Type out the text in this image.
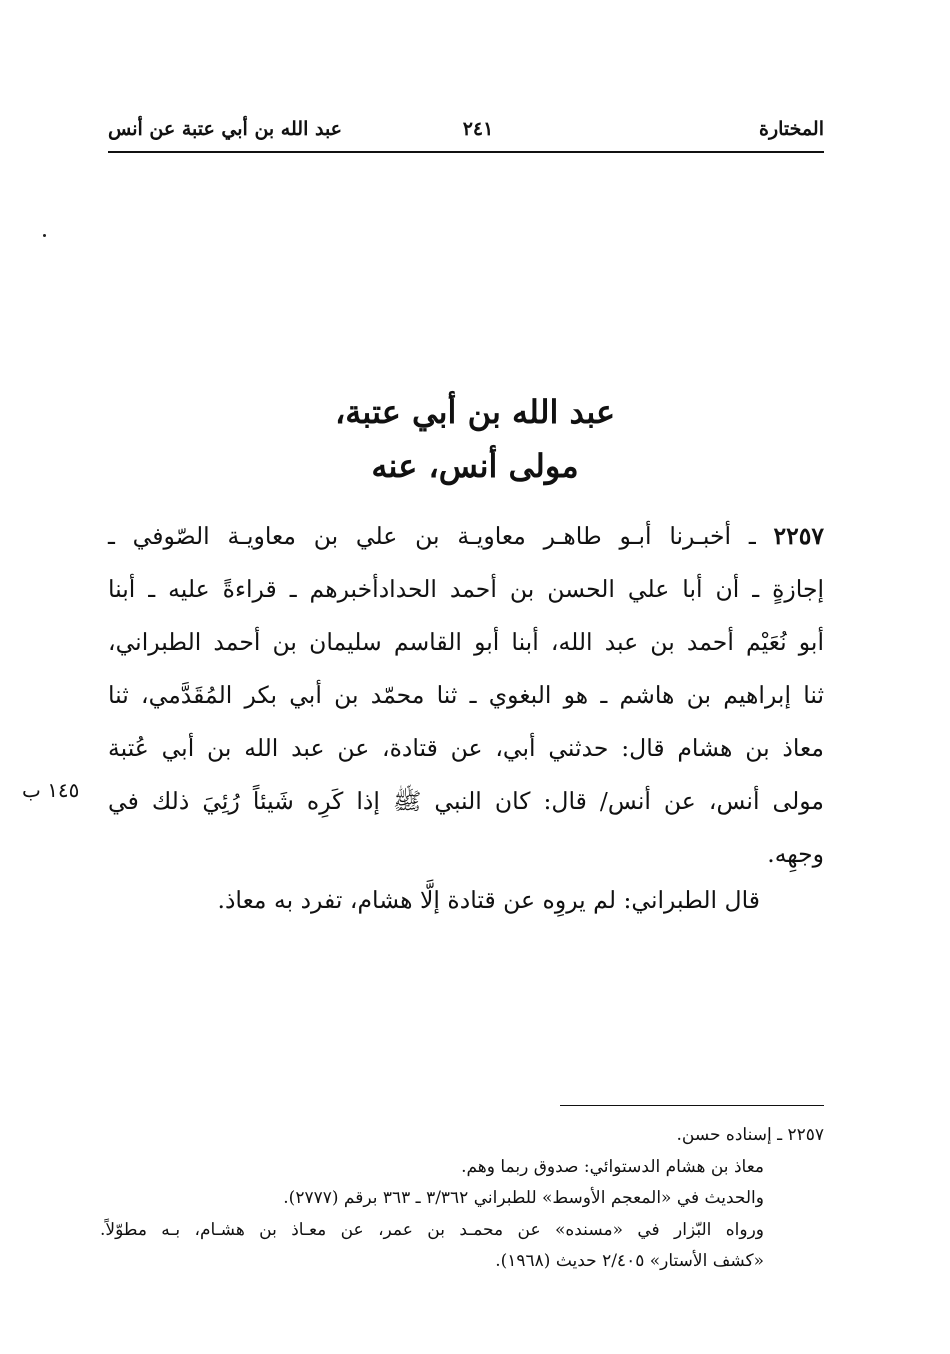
المختارة
٢٤١
عبد الله بن أبي عتبة عن أنس
عبد الله بن أبي عتبة،
مولى أنس، عنه
٢٢٥٧ ـ أخبـرنا أبـو طاهـر معاويـة بن علي بن معاويـة الصّوفي ـ
إجازةٍ ـ أن أبا علي الحسن بن أحمد الحدادأخبرهم ـ قراءةً عليه ـ أبنا
أبو نُعَيْم أحمد بن عبد الله، أبنا أبو القاسم سليمان بن أحمد الطبراني،
ثنا إبراهيم بن هاشم ـ هو البغوي ـ ثنا محمّد بن أبي بكر المُقَدَّمي، ثنا
معاذ بن هشام قال: حدثني أبي، عن قتادة، عن عبد الله بن أبي عُتبة
مولى أنس، عن أنس/ قال: كان النبي ﷺ إذا كَرِه شَيئاً رُئِيَ ذلك في
وجهِه.
١٤٥ ب
قال الطبراني: لم يروِه عن قتادة إلَّا هشام، تفرد به معاذ.
٢٢٥٧ ـ إسناده حسن.
معاذ بن هشام الدستوائي: صدوق ربما وهم.
والحديث في «المعجم الأوسط» للطبراني ٣/٣٦٢ ـ ٣٦٣ برقم (٢٧٧٧).
ورواه البّزار في «مسنده» عن محمـد بن عمر، عن معـاذ بن هشـام، بـه مطوّلاً.
«كشف الأستار» ٢/٤٠٥ حديث (١٩٦٨).
